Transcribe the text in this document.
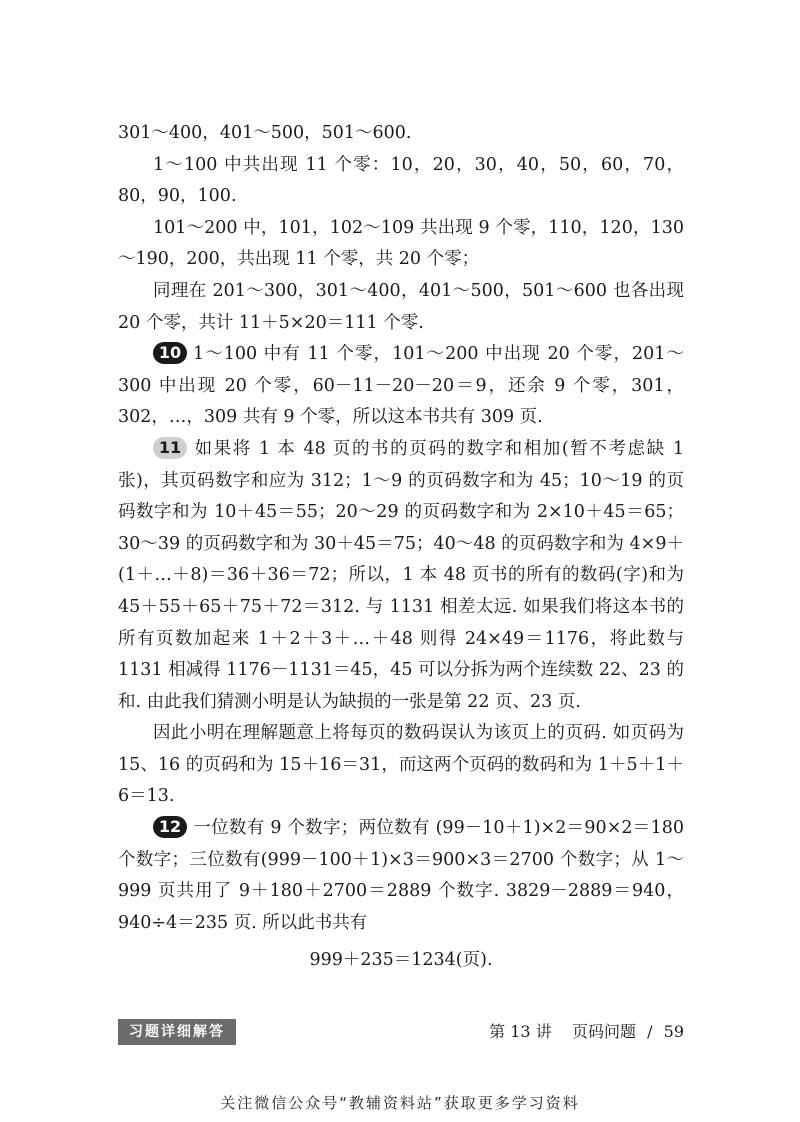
301～400，401～500，501～600.

1～100 中共出现 11 个零：10，20，30，40，50，60，70，80，90，100.

101～200 中，101，102～109 共出现 9 个零，110，120，130～190，200，共出现 11 个零，共 20 个零；

同理在 201～300，301～400，401～500，501～600 也各出现 20 个零，共计 11＋5×20＝111 个零.

10 1～100 中有 11 个零，101～200 中出现 20 个零，201～300 中出现 20 个零，60－11－20－20＝9，还余 9 个零，301，302，…，309 共有 9 个零，所以这本书共有 309 页.

11 如果将 1 本 48 页的书的页码的数字和相加(暂不考虑缺 1 张)，其页码数字和应为 312；1～9 的页码数字和为 45；10～19 的页码数字和为 10＋45＝55；20～29 的页码数字和为 2×10＋45＝65；30～39 的页码数字和为 30＋45＝75；40～48 的页码数字和为 4×9＋(1＋…＋8)＝36＋36＝72；所以，1 本 48 页书的所有的数码(字)和为 45＋55＋65＋75＋72＝312. 与 1131 相差太远. 如果我们将这本书的所有页数加起来 1＋2＋3＋…＋48 则得 24×49＝1176，将此数与1131 相减得 1176－1131＝45，45 可以分拆为两个连续数 22、23 的和. 由此我们猜测小明是认为缺损的一张是第 22 页、23 页.

因此小明在理解题意上将每页的数码误认为该页上的页码. 如页码为 15、16 的页码和为 15＋16＝31，而这两个页码的数码和为 1＋5＋1＋6＝13.

12 一位数有 9 个数字；两位数有 (99－10＋1)×2＝90×2＝180 个数字；三位数有(999－100＋1)×3＝900×3＝2700 个数字；从 1～999 页共用了 9＋180＋2700＝2889 个数字. 3829－2889＝940，940÷4＝235 页. 所以此书共有

999＋235＝1234(页).

习题详细解答	第 13 讲 页码问题 / 59
关注微信公众号“教辅资料站”获取更多学习资料
